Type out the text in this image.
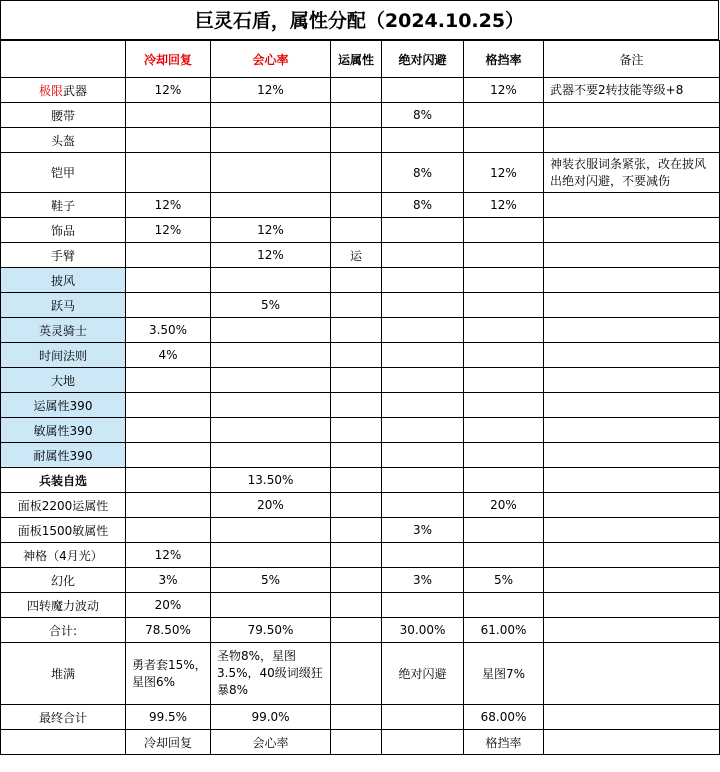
巨灵石盾，属性分配（2024.10.25）
	冷却回复	会心率	运属性	绝对闪避	格挡率	备注
极限武器	12%	12%			12%	武器不要2转技能等级+8
腰带				8%		
头盔						
铠甲				8%	12%	神装衣服词条紧张，改在披风出绝对闪避，不要减伤
鞋子	12%			8%	12%	
饰品	12%	12%				
手臂		12%	运			
披风						
跃马		5%				
英灵骑士	3.50%					
时间法则	4%					
大地						
运属性390						
敏属性390						
耐属性390						
兵装自选		13.50%				
面板2200运属性		20%			20%	
面板1500敏属性				3%		
神格（4月光）	12%					
幻化	3%	5%		3%	5%	
四转魔力波动	20%					
合计:	78.50%	79.50%		30.00%	61.00%	
堆满	勇者套15%，星图6%	圣物8%，星图3.5%，40级词缀狂暴8%		绝对闪避	星图7%	
最终合计	99.5%	99.0%			68.00%	
	冷却回复	会心率			格挡率	
